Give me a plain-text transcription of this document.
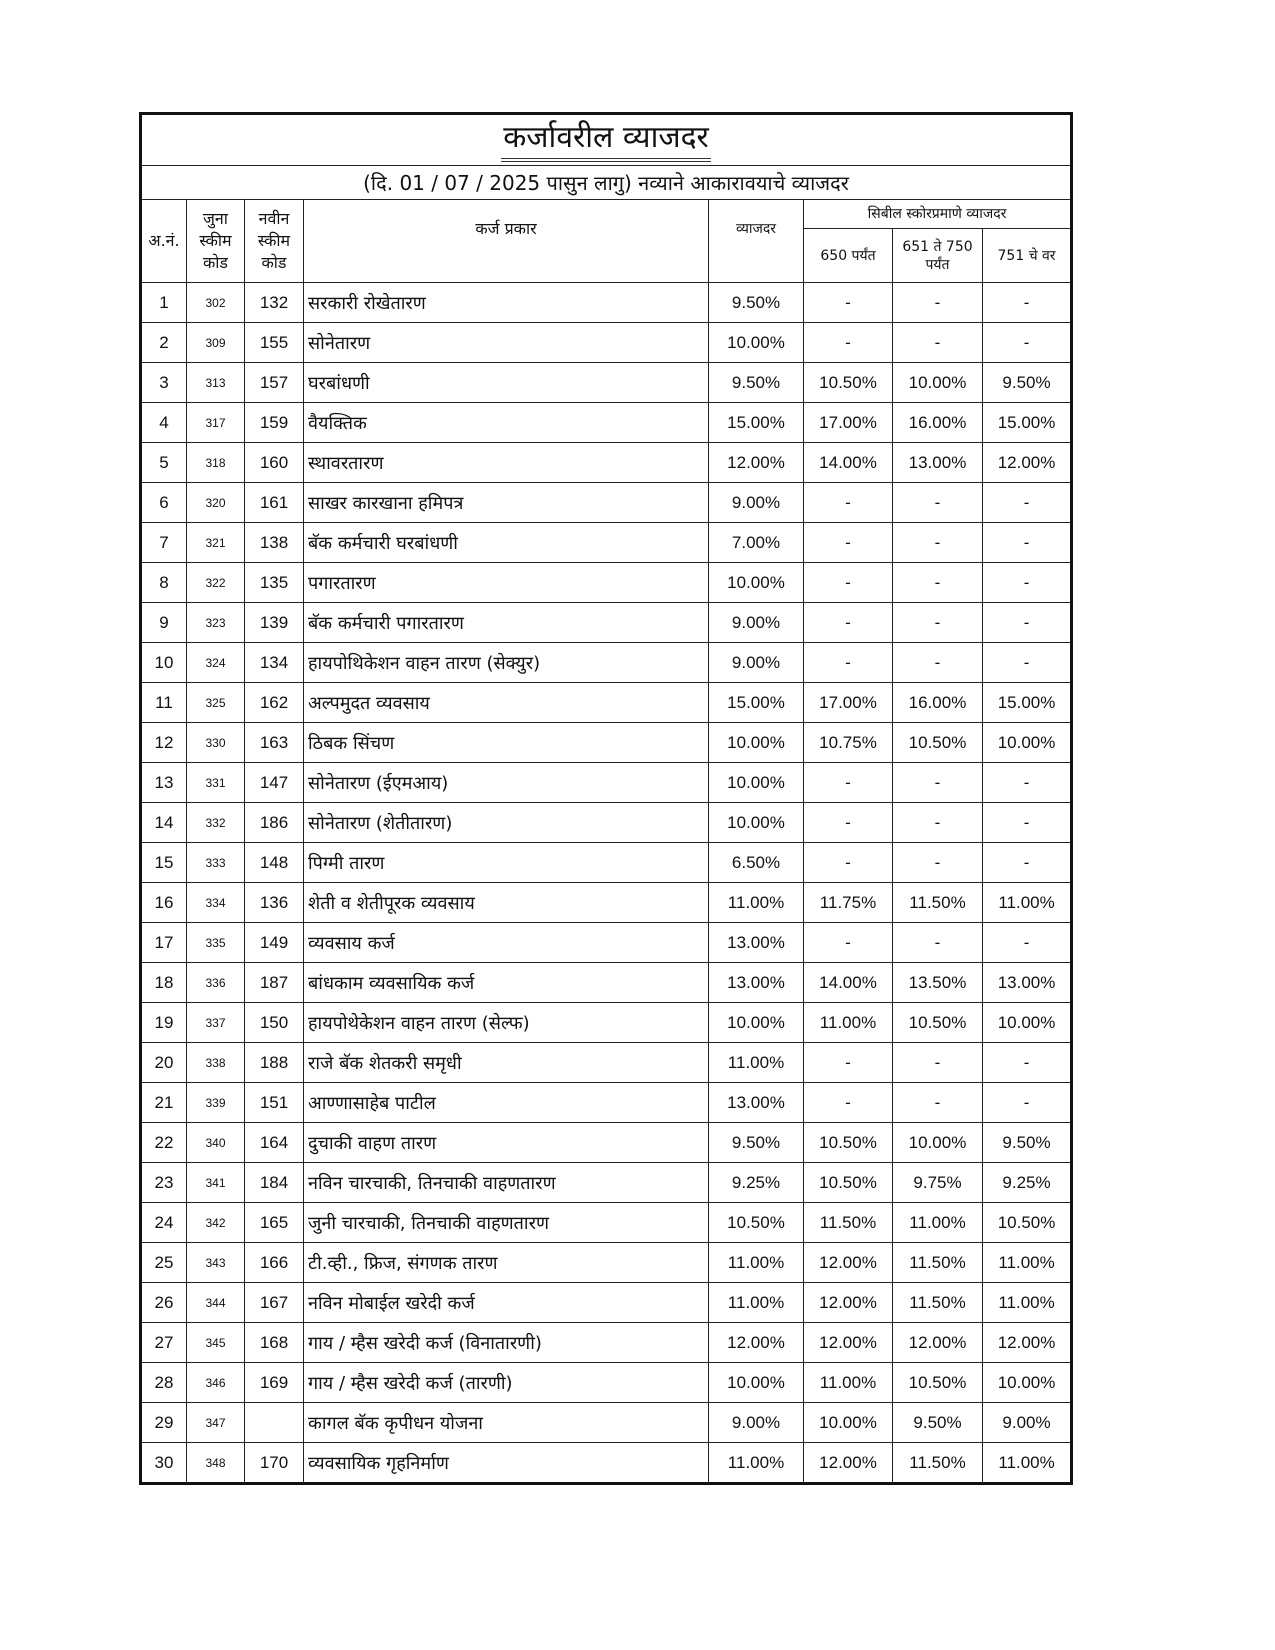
कर्जावरील व्याजदर							
(दि. 01 / 07 / 2025 पासुन लागु) नव्याने आकारावयाचे व्याजदर							
अ.नं.	जुना स्कीम कोड	नवीन स्कीम कोड	कर्ज प्रकार	व्याजदर	सिबील स्कोरप्रमाणे व्याजदर		
					650 पर्यंत	651 ते 750 पर्यंत	751 चे वर
1	302	132	सरकारी रोखेतारण	9.50%	-	-	-
2	309	155	सोनेतारण	10.00%	-	-	-
3	313	157	घरबांधणी	9.50%	10.50%	10.00%	9.50%
4	317	159	वैयक्तिक	15.00%	17.00%	16.00%	15.00%
5	318	160	स्थावरतारण	12.00%	14.00%	13.00%	12.00%
6	320	161	साखर कारखाना हमिपत्र	9.00%	-	-	-
7	321	138	बॅक कर्मचारी घरबांधणी	7.00%	-	-	-
8	322	135	पगारतारण	10.00%	-	-	-
9	323	139	बॅक कर्मचारी पगारतारण	9.00%	-	-	-
10	324	134	हायपोथिकेशन वाहन तारण (सेक्युर)	9.00%	-	-	-
11	325	162	अल्पमुदत व्यवसाय	15.00%	17.00%	16.00%	15.00%
12	330	163	ठिबक सिंचण	10.00%	10.75%	10.50%	10.00%
13	331	147	सोनेतारण (ईएमआय)	10.00%	-	-	-
14	332	186	सोनेतारण (शेतीतारण)	10.00%	-	-	-
15	333	148	पिग्मी तारण	6.50%	-	-	-
16	334	136	शेती व शेतीपूरक व्यवसाय	11.00%	11.75%	11.50%	11.00%
17	335	149	व्यवसाय कर्ज	13.00%	-	-	-
18	336	187	बांधकाम व्यवसायिक कर्ज	13.00%	14.00%	13.50%	13.00%
19	337	150	हायपोथेकेशन वाहन तारण (सेल्फ)	10.00%	11.00%	10.50%	10.00%
20	338	188	राजे बॅक शेतकरी समृधी	11.00%	-	-	-
21	339	151	आण्णासाहेब पाटील	13.00%	-	-	-
22	340	164	दुचाकी वाहण तारण	9.50%	10.50%	10.00%	9.50%
23	341	184	नविन चारचाकी, तिनचाकी वाहणतारण	9.25%	10.50%	9.75%	9.25%
24	342	165	जुनी चारचाकी, तिनचाकी वाहणतारण	10.50%	11.50%	11.00%	10.50%
25	343	166	टी.व्ही., फ्रिज, संगणक तारण	11.00%	12.00%	11.50%	11.00%
26	344	167	नविन मोबाईल खरेदी कर्ज	11.00%	12.00%	11.50%	11.00%
27	345	168	गाय / म्हैस खरेदी कर्ज (विनातारणी)	12.00%	12.00%	12.00%	12.00%
28	346	169	गाय / म्हैस खरेदी कर्ज (तारणी)	10.00%	11.00%	10.50%	10.00%
29	347		कागल बॅक कृपीधन योजना	9.00%	10.00%	9.50%	9.00%
30	348	170	व्यवसायिक गृहनिर्माण	11.00%	12.00%	11.50%	11.00%
